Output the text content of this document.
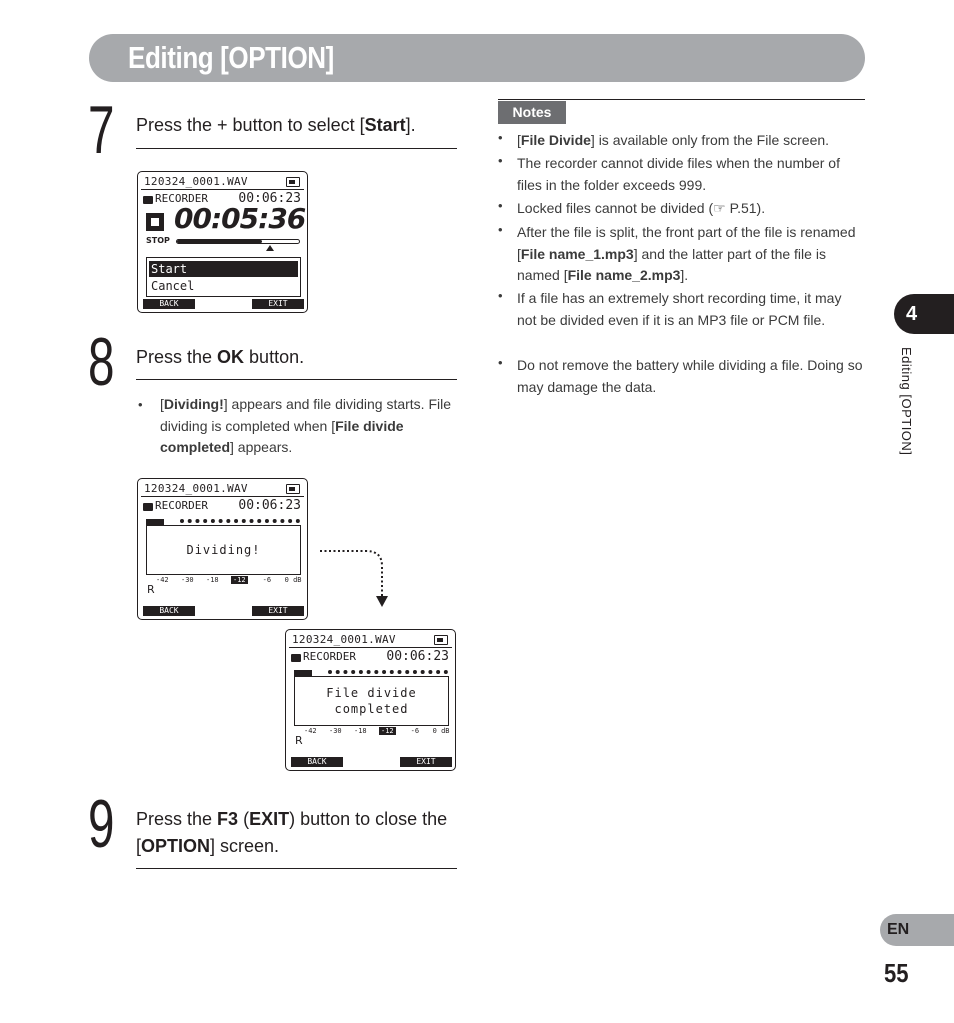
Editing [OPTION]
7 Press the + button to select [Start].
120324_0001.WAV
RECORDER 00:06:23
00:05:36
STOP
Start
Cancel
BACK	EXIT
8 Press the OK button.
• [Dividing!] appears and file dividing starts. File dividing is completed when [File divide completed] appears.
120324_0001.WAV
RECORDER 00:06:23
Dividing!
-42 -30 -18 -12 -6 0 dB
R
BACK	EXIT
120324_0001.WAV
RECORDER 00:06:23
File divide
completed
-42 -30 -18 -12 -6 0 dB
R
BACK	EXIT
9 Press the F3 (EXIT) button to close the [OPTION] screen.
Notes
• [File Divide] is available only from the File screen.
• The recorder cannot divide files when the number of files in the folder exceeds 999.
• Locked files cannot be divided (☞ P.51).
• After the file is split, the front part of the file is renamed [File name_1.mp3] and the latter part of the file is named [File name_2.mp3].
• If a file has an extremely short recording time, it may not be divided even if it is an MP3 file or PCM file.
• Do not remove the battery while dividing a file. Doing so may damage the data.
4
Editing [OPTION]
EN
55
